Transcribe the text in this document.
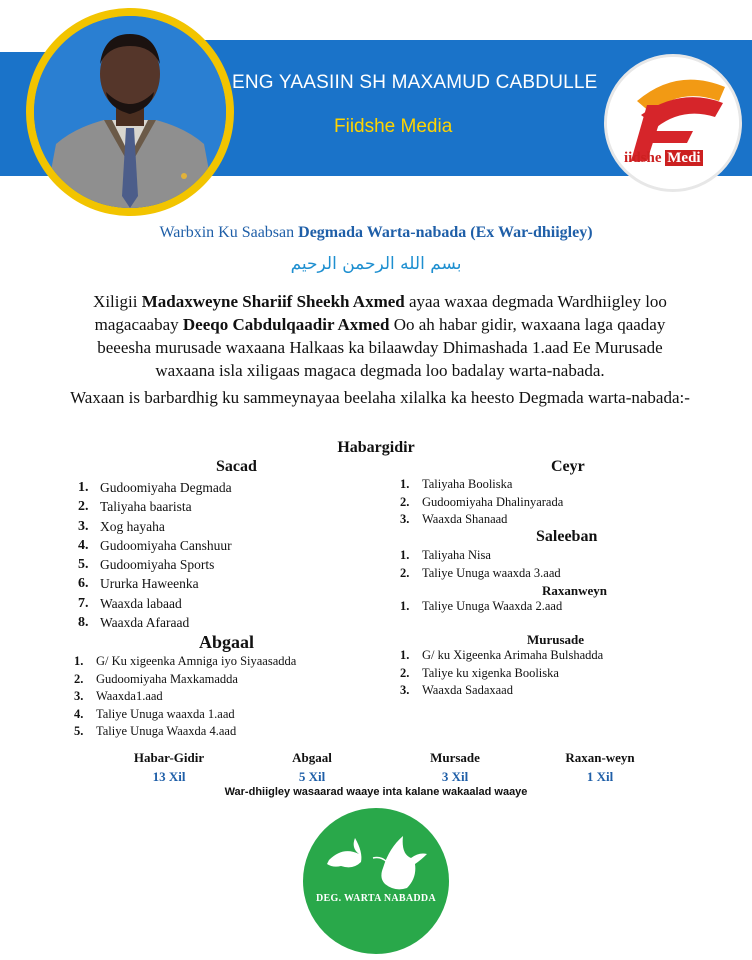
ENG YAASIIN SH MAXAMUD CABDULLE
Fiidshe Media
iidshe Medi
Warbxin Ku Saabsan Degmada Warta-nabada (Ex War-dhiigley)
بسم الله الرحمن الرحيم
Xiligii Madaxweyne Shariif Sheekh Axmed ayaa waxaa degmada Wardhiigley loo magacaabay Deeqo Cabdulqaadir Axmed Oo ah habar gidir, waxaana laga qaaday beeesha murusade waxaana Halkaas ka bilaawday Dhimashada 1.aad Ee Murusade waxaana isla xiligaas magaca degmada loo badalay warta-nabada.
Waxaan is barbardhig ku sammeynayaa beelaha xilalka ka heesto Degmada warta-nabada:-
Habargidir
Sacad
1. Gudoomiyaha Degmada
2. Taliyaha baarista
3. Xog hayaha
4. Gudoomiyaha Canshuur
5. Gudoomiyaha Sports
6. Ururka Haweenka
7. Waaxda labaad
8. Waaxda Afaraad
Ceyr
1.	Taliyaha Booliska
2.	Gudoomiyaha Dhalinyarada
3.	Waaxda Shanaad
Saleeban
1.	Taliyaha Nisa
2.	Taliye Unuga waaxda 3.aad
Raxanweyn
1.	Taliye Unuga Waaxda 2.aad
Abgaal
1.	G/ Ku xigeenka Amniga iyo Siyaasadda
2.	Gudoomiyaha Maxkamadda
3.	Waaxda1.aad
4.	Taliye Unuga waaxda 1.aad
5.	Taliye Unuga Waaxda 4.aad
Murusade
1.	G/ ku Xigeenka Arimaha Bulshadda
2.	Taliye ku xigenka Booliska
3.	Waaxda Sadaxaad
Habar-Gidir
13 Xil
Abgaal
5 Xil
Mursade
3 Xil
Raxan-weyn
1 Xil
War-dhiigley wasaarad waaye inta kalane wakaalad waaye
DEG. WARTA NABADDA
